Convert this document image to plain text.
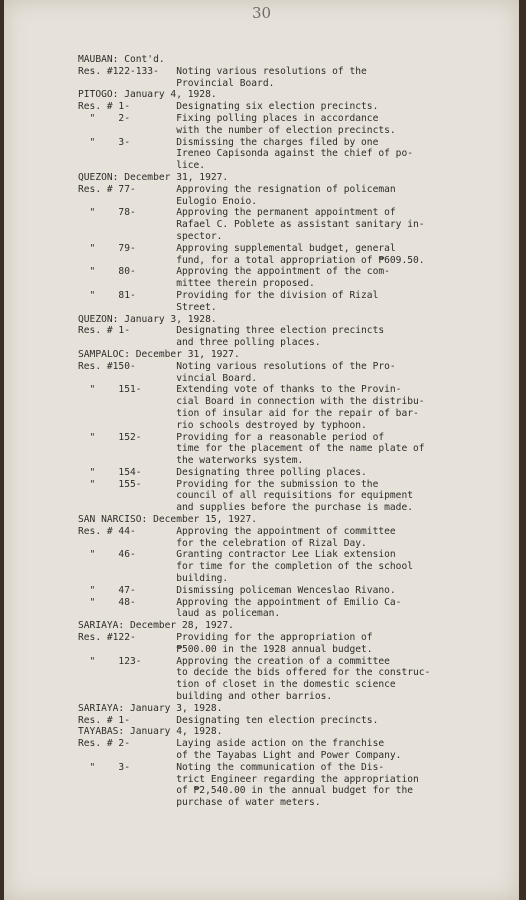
30
MAUBAN: Cont'd.
Res. #122-133-   Noting various resolutions of the
Provincial Board.
PITOGO: January 4, 1928.
Res. # 1-        Designating six election precincts.
"    2-        Fixing polling places in accordance
with the number of election precincts.
"    3-        Dismissing the charges filed by one
Ireneo Capisonda against the chief of po-
lice.
QUEZON: December 31, 1927.
Res. # 77-       Approving the resignation of policeman
Eulogio Enoio.
"    78-       Approving the permanent appointment of
Rafael C. Poblete as assistant sanitary in-
spector.
"    79-       Approving supplemental budget, general
fund, for a total appropriation of ₱609.50.
"    80-       Approving the appointment of the com-
mittee therein proposed.
"    81-       Providing for the division of Rizal
Street.
QUEZON: January 3, 1928.
Res. # 1-        Designating three election precincts
and three polling places.
SAMPALOC: December 31, 1927.
Res. #150-       Noting various resolutions of the Pro-
vincial Board.
"    151-      Extending vote of thanks to the Provin-
cial Board in connection with the distribu-
tion of insular aid for the repair of bar-
rio schools destroyed by typhoon.
"    152-      Providing for a reasonable period of
time for the placement of the name plate of
the waterworks system.
"    154-      Designating three polling places.
"    155-      Providing for the submission to the
council of all requisitions for equipment
and supplies before the purchase is made.
SAN NARCISO: December 15, 1927.
Res. # 44-       Approving the appointment of committee
for the celebration of Rizal Day.
"    46-       Granting contractor Lee Liak extension
for time for the completion of the school
building.
"    47-       Dismissing policeman Wenceslao Rivano.
"    48-       Approving the appointment of Emilio Ca-
laud as policeman.
SARIAYA: December 28, 1927.
Res. #122-       Providing for the appropriation of
₱500.00 in the 1928 annual budget.
"    123-      Approving the creation of a committee
to decide the bids offered for the construc-
tion of closet in the domestic science
building and other barrios.
SARIAYA: January 3, 1928.
Res. # 1-        Designating ten election precincts.
TAYABAS: January 4, 1928.
Res. # 2-        Laying aside action on the franchise
of the Tayabas Light and Power Company.
"    3-        Noting the communication of the Dis-
trict Engineer regarding the appropriation
of ₱2,540.00 in the annual budget for the
purchase of water meters.
